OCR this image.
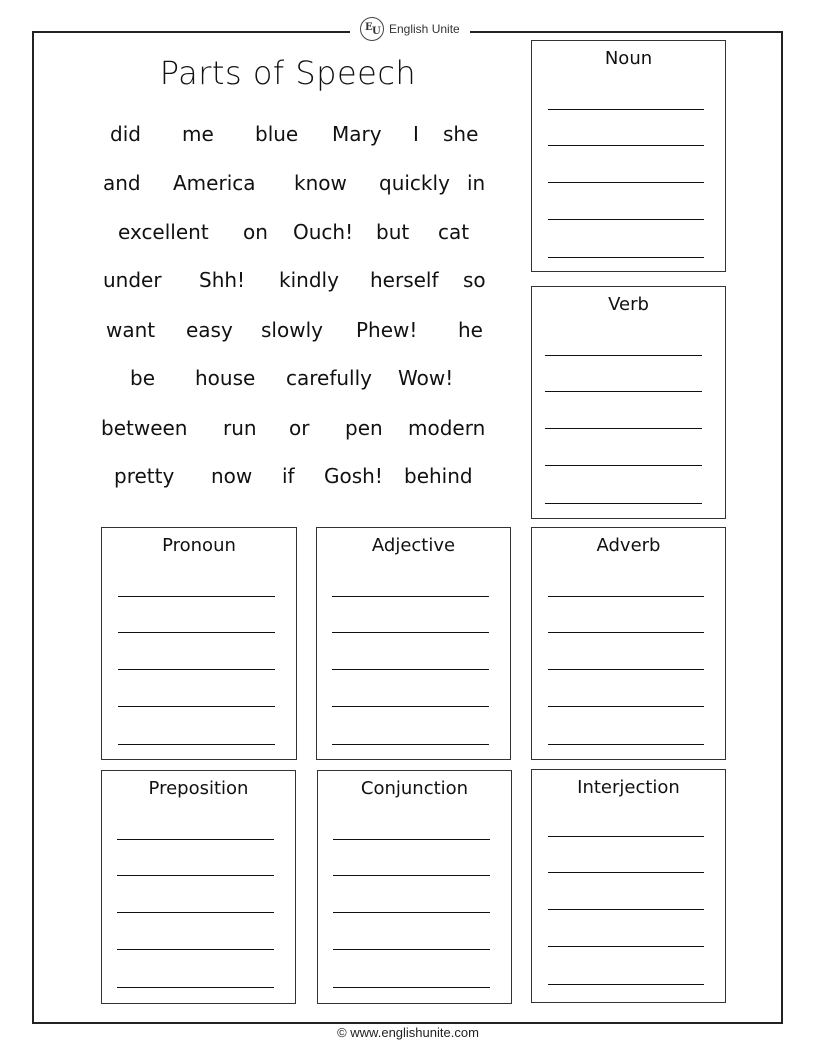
E U English Unite
Parts of Speech
did me blue Mary I she
and America know quickly in
excellent on Ouch! but cat
under Shh! kindly herself so
want easy slowly Phew! he
be house carefully Wow!
between run or pen modern
pretty now if Gosh! behind
Noun
Verb
Pronoun	Adjective	Adverb
Preposition	Conjunction	Interjection
© www.englishunite.com
